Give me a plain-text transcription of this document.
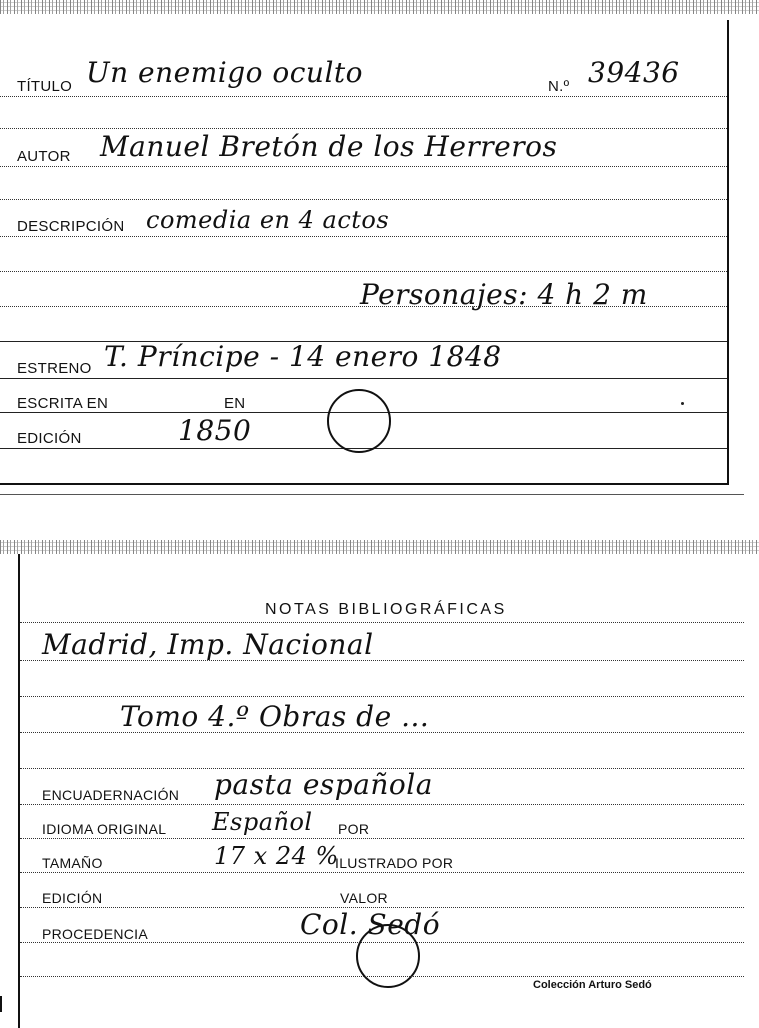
TÍTULO Un enemigo oculto	N.º 39436
AUTOR Manuel Bretón de los Herreros
DESCRIPCIÓN comedia en 4 actos
Personajes: 4 h 2 m
ESTRENO T. Príncipe - 14 enero 1848
ESCRITA EN	EN
EDICIÓN	1850
NOTAS BIBLIOGRÁFICAS
Madrid, Imp. Nacional
Tomo 4.º Obras de ...
ENCUADERNACIÓN pasta española
IDIOMA ORIGINAL Español POR
TAMAÑO	17 x 24 %
ILUSTRADO POR
EDICIÓN	VALOR
PROCEDENCIA	Col. Sedó
Colección Arturo Sedó
